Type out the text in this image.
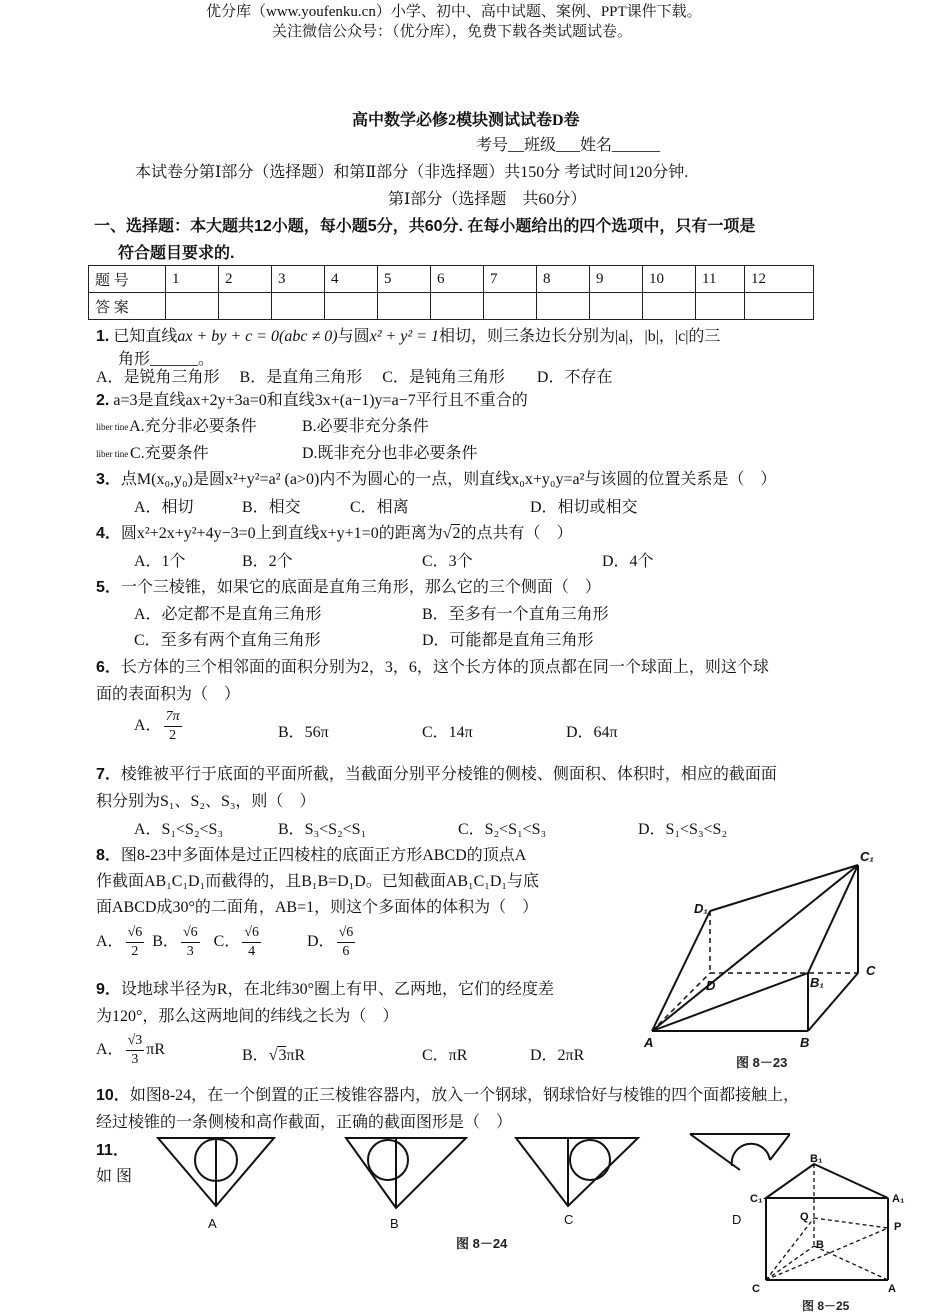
优分库（www.youfenku.cn）小学、初中、高中试题、案例、PPT课件下载。
关注微信公众号：（优分库），免费下载各类试题试卷。
高中数学必修2模块测试试卷D卷
考号__班级___姓名______
本试卷分第Ⅰ部分（选择题）和第Ⅱ部分（非选择题）共150分 考试时间120分钟.
第Ⅰ部分（选择题　共60分）
一、选择题：本大题共12小题，每小题5分，共60分. 在每小题给出的四个选项中，只有一项是
符合题目要求的.
题 号	1	2	3	4	5	6	7	8	9	10	11	12
答 案												
1. 已知直线ax + by + c = 0(abc ≠ 0)与圆x² + y² = 1相切，则三条边长分别为|a|，|b|，|c|的三
角形______。
A．是锐角三角形　 B．是直角三角形　 C．是钝角三角形　　D．不存在
2. a=3是直线ax+2y+3a=0和直线3x+(a−1)y=a−7平行且不重合的
liber tine A.充分非必要条件	B.必要非充分条件
liber tine C.充要条件	D.既非充分也非必要条件
3．点M(x₀,y₀)是圆x²+y²=a² (a>0)内不为圆心的一点，则直线x₀x+y₀y=a²与该圆的位置关系是（　）
A．相切	B．相交	C．相离	D．相切或相交
4．圆x²+2x+y²+4y−3=0上到直线x+y+1=0的距离为√2的点共有（　）
A．1个	B．2个	C．3个	D．4个
5．一个三棱锥，如果它的底面是直角三角形，那么它的三个侧面（　）
A．必定都不是直角三角形	B．至多有一个直角三角形
C．至多有两个直角三角形	D．可能都是直角三角形
6．长方体的三个相邻面的面积分别为2，3，6，这个长方体的顶点都在同一个球面上，则这个球
面的表面积为（　）
A． $\frac{7\pi}{2}$	B．56π	C．14π	D．64π
7．棱锥被平行于底面的平面所截，当截面分别平分棱锥的侧棱、侧面积、体积时，相应的截面面
积分别为S₁、S₂、S₃，则（　）
A．S₁<S₂<S₃	B．S₃<S₂<S₁	C．S₂<S₁<S₃	D．S₁<S₃<S₂
8．图8-23中多面体是过正四棱柱的底面正方形ABCD的顶点A
作截面AB₁C₁D₁而截得的，且B₁B=D₁D。已知截面AB₁C₁D₁与底
面ABCD成30°的二面角，AB=1，则这个多面体的体积为（　）
A． $\frac{√6}{2}$ B． $\frac{√6}{3}$ C． $\frac{√6}{4}$	D． $\frac{√6}{6}$
9．设地球半径为R，在北纬30°圈上有甲、乙两地，它们的经度差
为120°，那么这两地间的纬线之长为（　）
A． $\frac{√3}{3}$ πR	B．√3πR	C．πR	D．2πR
C₁
D₁
D
C
B₁
A	B
图 8－23
10．如图8-24，在一个倒置的正三棱锥容器内，放入一个钢球，钢球恰好与棱锥的四个面都接触上，
经过棱锥的一条侧棱和高作截面，正确的截面图形是（　）
11．
如 图
A	B	C	D
图 8－24
B₁
C₁	A₁
Q
P
B
C	A
图 8－25
